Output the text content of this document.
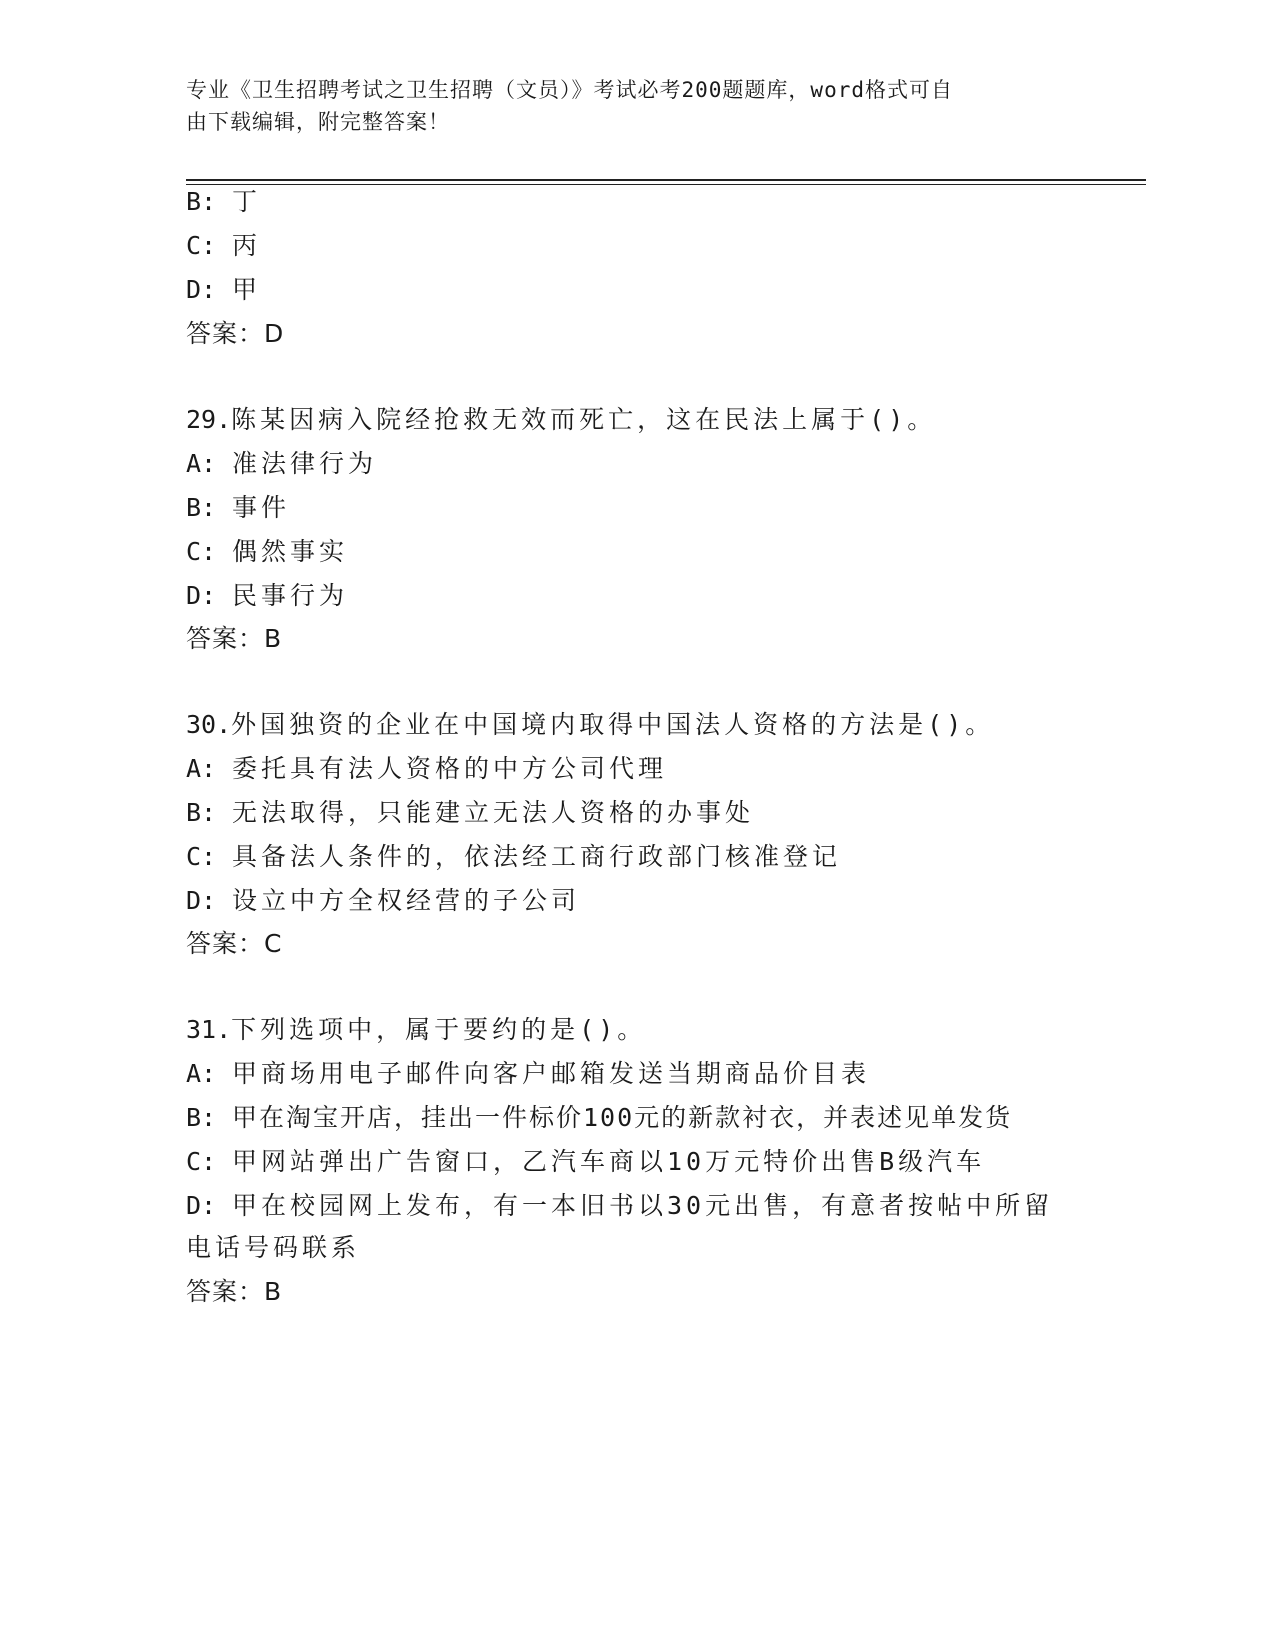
专业《卫生招聘考试之卫生招聘（文员）》考试必考200题题库，word格式可自
由下载编辑，附完整答案！
B: 丁
C: 丙
D: 甲
答案：D
29.陈某因病入院经抢救无效而死亡，这在民法上属于()。
A: 准法律行为
B: 事件
C: 偶然事实
D: 民事行为
答案：B
30.外国独资的企业在中国境内取得中国法人资格的方法是()。
A: 委托具有法人资格的中方公司代理
B: 无法取得，只能建立无法人资格的办事处
C: 具备法人条件的，依法经工商行政部门核准登记
D: 设立中方全权经营的子公司
答案：C
31.下列选项中，属于要约的是()。
A: 甲商场用电子邮件向客户邮箱发送当期商品价目表
B: 甲在淘宝开店，挂出一件标价100元的新款衬衣，并表述见单发货
C: 甲网站弹出广告窗口，乙汽车商以10万元特价出售B级汽车
D: 甲在校园网上发布，有一本旧书以30元出售，有意者按帖中所留
电话号码联系
答案：B
